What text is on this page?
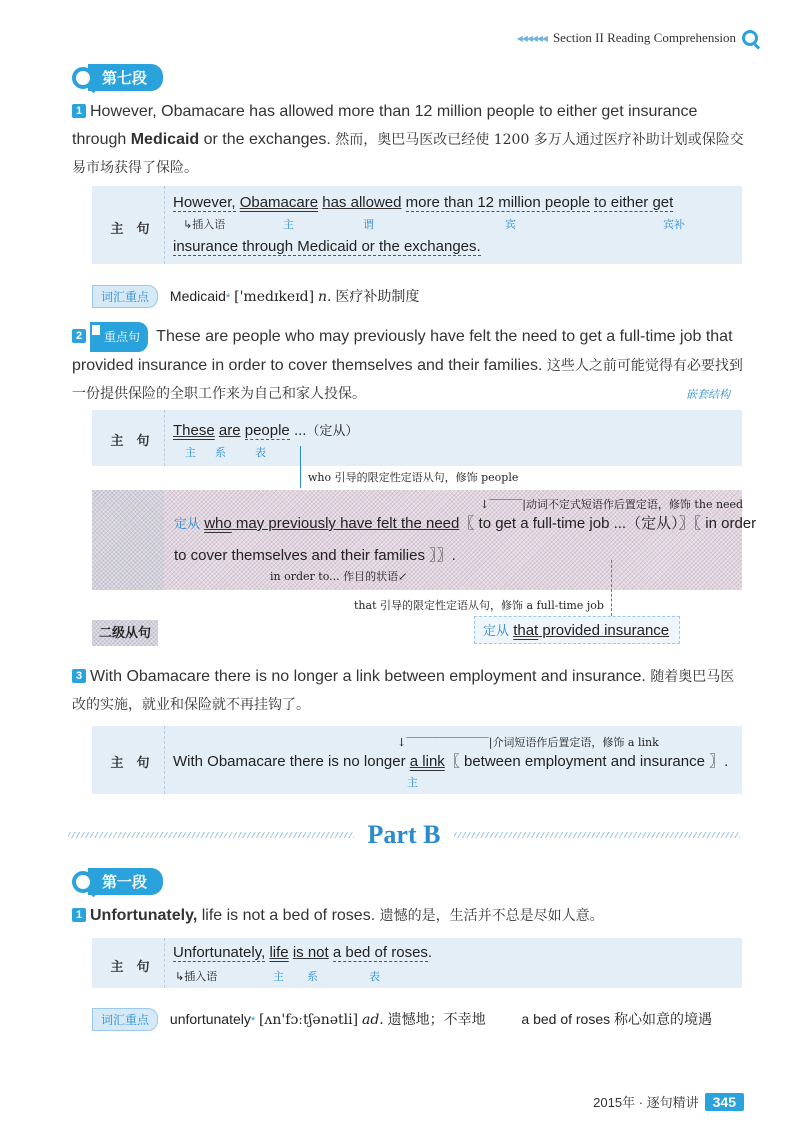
◂◂◂◂◂◂ Section II Reading Comprehension
第七段
1 However, Obamacare has allowed more than 12 million people to either get insurance through Medicaid or the exchanges. 然而，奥巴马医改已经使 1200 多万人通过医疗补助计划或保险交易市场获得了保险。
主　句
However, Obamacare has allowed more than 12 million people to either get
↳插入语	主	谓	宾	宾补
insurance through Medicaid or the exchanges.
词汇重点 Medicaid* ['medɪkeɪd] n. 医疗补助制度
2 重点句 These are people who may previously have felt the need to get a full-time job that provided insurance in order to cover themselves and their families. 这些人之前可能觉得有必要找到一份提供保险的全职工作来为自己和家人投保。	嵌套结构
主　句
These are people ...（定从）
主 系	表
who 引导的限定性定语从句，修饰 people
↓‾‾‾‾‾‾|动词不定式短语作后置定语，修饰 the need
定从 who may previously have felt the need〖 to get a full-time job ...（定从）〗〖 in order
to cover themselves and their families 〗〗.
in order to... 作目的状语↙
that 引导的限定性定语从句，修饰 a full-time job
二级从句	定从 that provided insurance
3 With Obamacare there is no longer a link between employment and insurance. 随着奥巴马医改的实施，就业和保险就不再挂钩了。
主　句
↓‾‾‾‾‾‾‾‾‾‾‾‾‾‾‾|介词短语作后置定语，修饰 a link
With Obamacare there is no longer a link〖 between employment and insurance 〗.
主
Part B
第一段
1 Unfortunately, life is not a bed of roses. 遗憾的是，生活并不总是尽如人意。
主　句
Unfortunately, life is not a bed of roses.
↳插入语	主 系	表
词汇重点 unfortunately* [ʌn'fɔːtʃənətli] ad. 遗憾地；不幸地	a bed of roses 称心如意的境遇
2015年 · 逐句精讲	345
